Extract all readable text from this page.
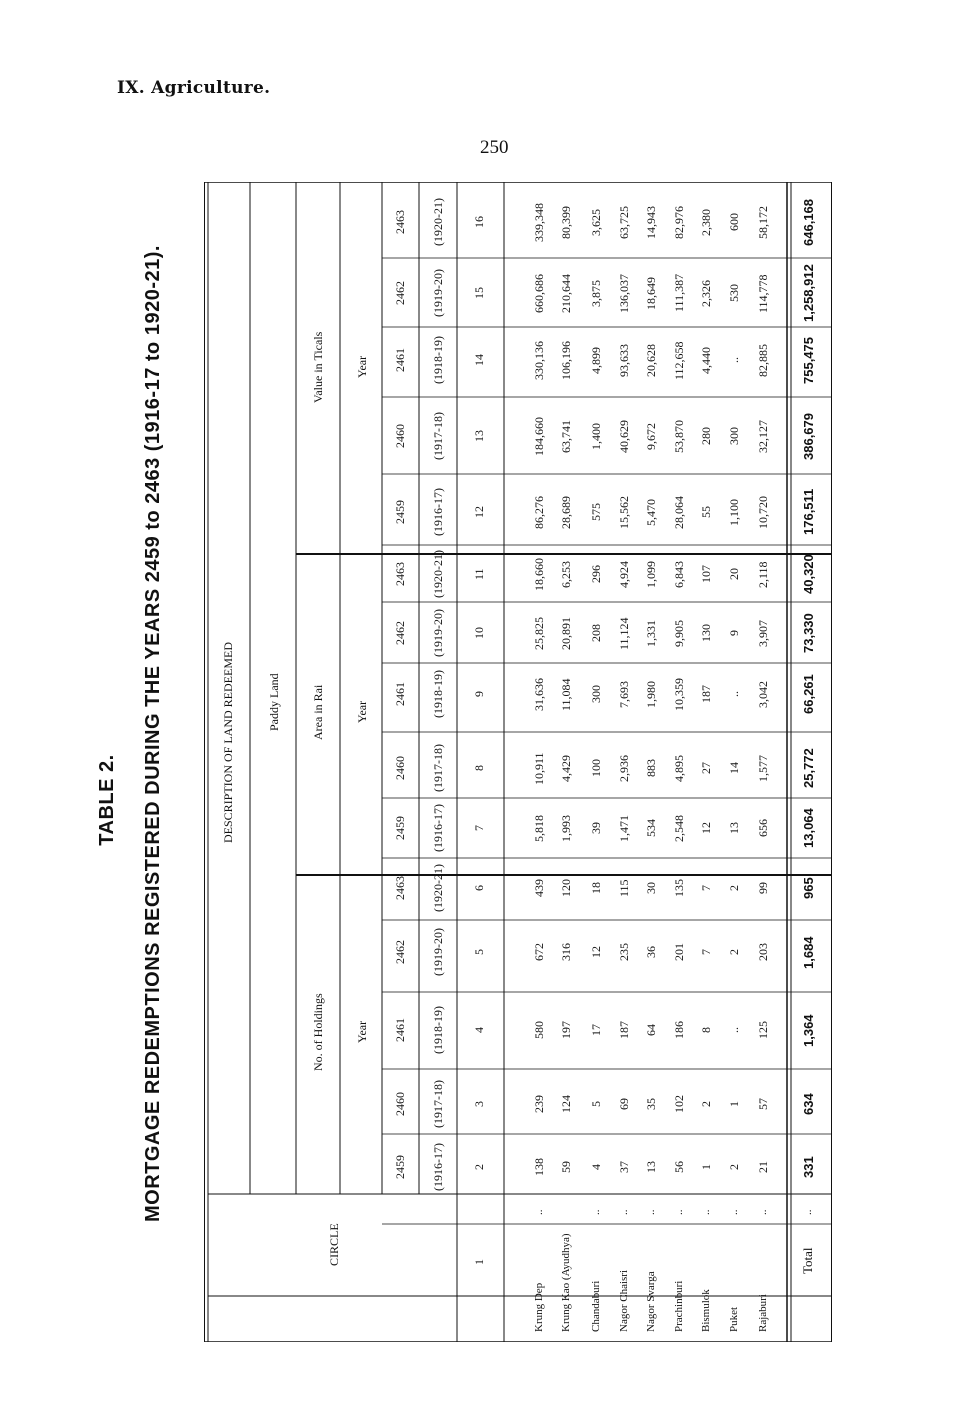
IX. Agriculture.
250
TABLE 2. MORTGAGE REDEMPTIONS REGISTERED DURING THE YEARS 2459 to 2463 (1916-17 to 1920-21).
CIRCLE
DESCRIPTION OF LAND REDEEMED	Paddy Land
No. of Holdings
Area in Rai
Value in Ticals
Year
Year
Year
2459 (1916-17)
2460 (1917-18)
2461 (1918-19)
2462 (1919-20)
2463 (1920-21)
2459 (1916-17)
2460 (1917-18)
2461 (1918-19)
2462 (1919-20)
2463 (1920-21)
2459 (1916-17)
2460 (1917-18)
2461 (1918-19)
2462 (1919-20)
2463 (1920-21)
1
2
3
4
5
6
7
8
9
10
11
12
13
14
15
16
Krung Dep
..
138
239
580
672
439
5,818
10,911
31,636
25,825
18,660
86,276
184,660
330,136
660,686
339,348
Krung Kao (Ayudhya)
59
124
197
316
120
1,993
4,429
11,084
20,891
6,253
28,689
63,741
106,196
210,644
80,399
Chandaburi
..
4
5
17
12
18
39
100
300
208
296
575
1,400
4,899
3,875
3,625
Nagor Chaisri
..
37
69
187
235
115
1,471
2,936
7,693
11,124
4,924
15,562
40,629
93,633
136,037
63,725
Nagor Svarga
..
13
35
64
36
30
534
883
1,980
1,331
1,099
5,470
9,672
20,628
18,649
14,943
Prachinburi
..
56
102
186
201
135
2,548
4,895
10,359
9,905
6,843
28,064
53,870
112,658
111,387
82,976
Bismulok
..
1
2
8
7
7
12
27
187
130
107
55
280
4,440
2,326
2,380
Puket
..
2
1
..
2
2
13
14
..
9
20
1,100
300
..
530
600
Rajaburi
..
21
57
125
203
99
656
1,577
3,042
3,907
2,118
10,720
32,127
82,885
114,778
58,172
Total
..
331
634
1,364
1,684
965
13,064
25,772
66,261
73,330
40,320
176,511
386,679
755,475
1,258,912
646,168
